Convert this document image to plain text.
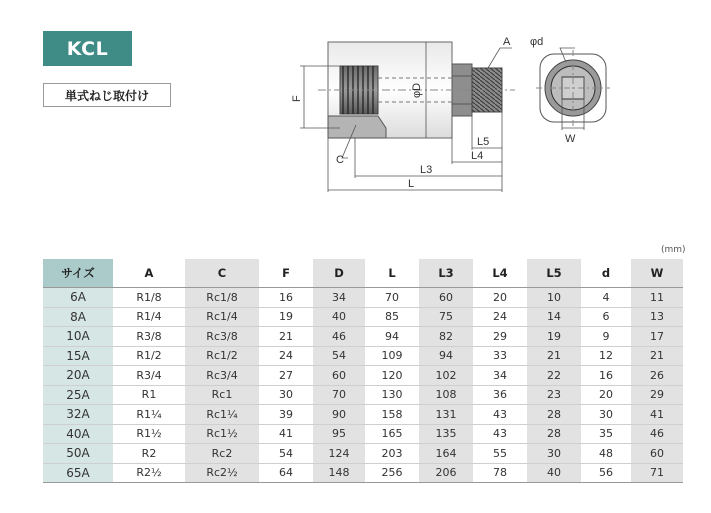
KCL
単式ねじ取付け
A φd
φD
F
C
L5
L4
L3
L
W
(mm)
サイズ	A	C	F	D	L	L3	L4	L5	d	W
6A	R1/8	Rc1/8	16	34	70	60	20	10	4	11
8A	R1/4	Rc1/4	19	40	85	75	24	14	6	13
10A	R3/8	Rc3/8	21	46	94	82	29	19	9	17
15A	R1/2	Rc1/2	24	54	109	94	33	21	12	21
20A	R3/4	Rc3/4	27	60	120	102	34	22	16	26
25A	R1	Rc1	30	70	130	108	36	23	20	29
32A	R1¼	Rc1¼	39	90	158	131	43	28	30	41
40A	R1½	Rc1½	41	95	165	135	43	28	35	46
50A	R2	Rc2	54	124	203	164	55	30	48	60
65A	R2½	Rc2½	64	148	256	206	78	40	56	71
